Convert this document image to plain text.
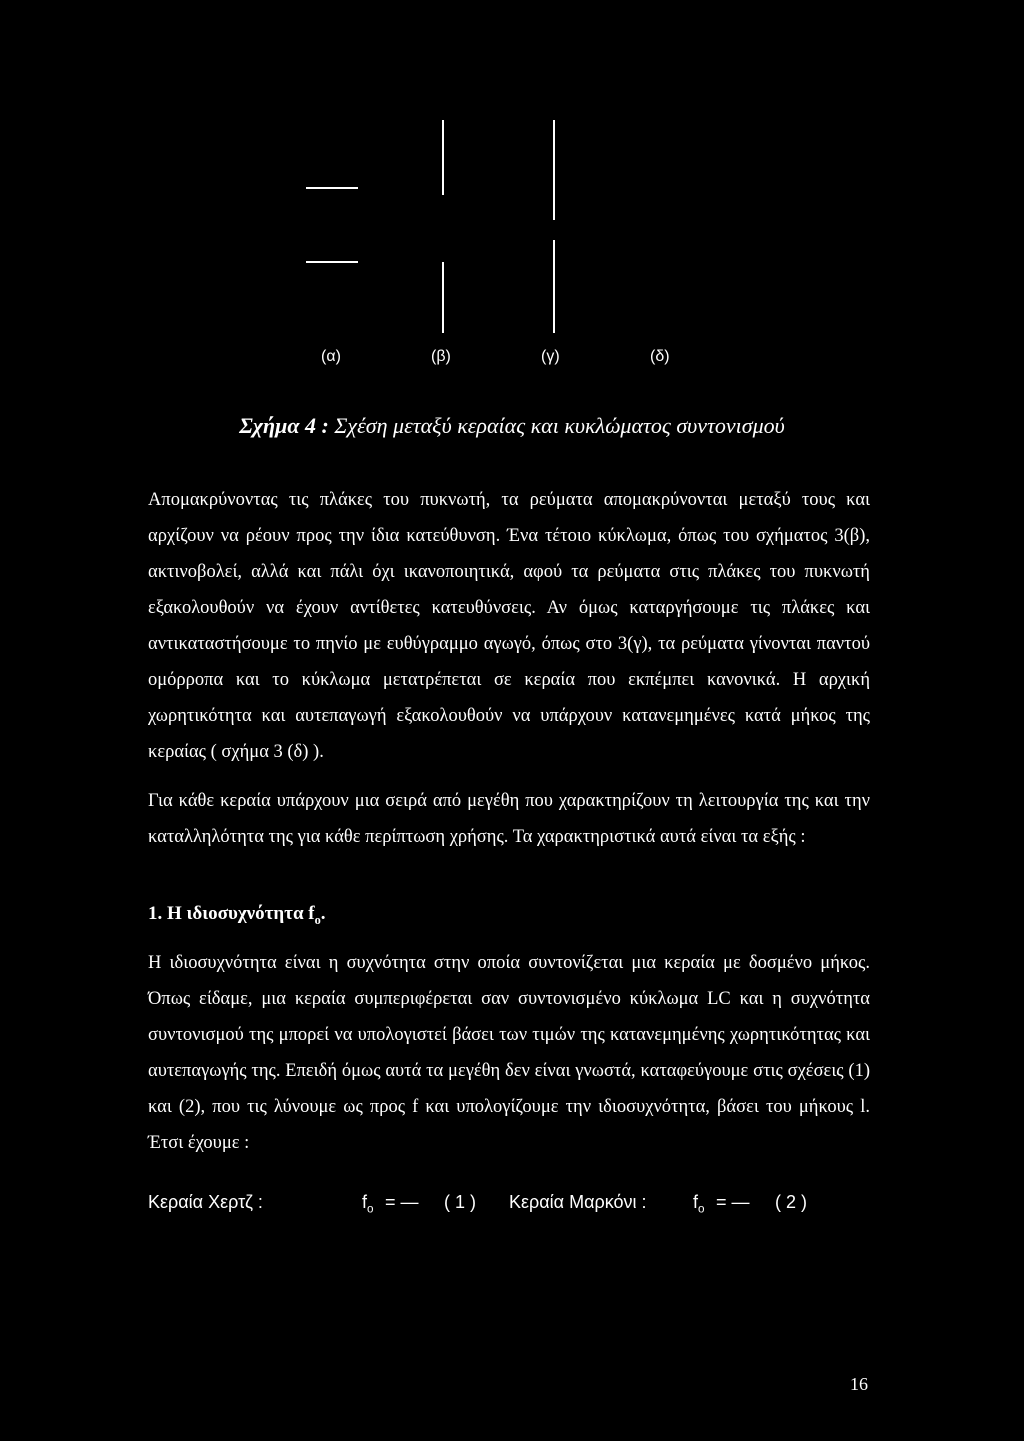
(α)	(β)	(γ)	(δ)
Σχήμα 4 : Σχέση μεταξύ κεραίας και κυκλώματος συντονισμού
Απομακρύνοντας τις πλάκες του πυκνωτή, τα ρεύματα απομακρύνονται μεταξύ τους και αρχίζουν να ρέουν προς την ίδια κατεύθυνση. Ένα τέτοιο κύκλωμα, όπως του σχήματος 3(β), ακτινοβολεί, αλλά και πάλι όχι ικανοποιητικά, αφού τα ρεύματα στις πλάκες του πυκνωτή εξακολουθούν να έχουν αντίθετες κατευθύνσεις. Αν όμως καταργήσουμε τις πλάκες και αντικαταστήσουμε το πηνίο με ευθύγραμμο αγωγό, όπως στο 3(γ), τα ρεύματα γίνονται παντού ομόρροπα και το κύκλωμα μετατρέπεται σε κεραία που εκπέμπει κανονικά. Η αρχική χωρητικότητα και αυτεπαγωγή εξακολουθούν να υπάρχουν κατανεμημένες κατά μήκος της κεραίας ( σχήμα 3 (δ) ).
Για κάθε κεραία υπάρχουν μια σειρά από μεγέθη που χαρακτηρίζουν τη λειτουργία της και την καταλληλότητα της για κάθε περίπτωση χρήσης. Τα χαρακτηριστικά αυτά είναι τα εξής :
1. Η ιδιοσυχνότητα $f_o$.
Η ιδιοσυχνότητα είναι η συχνότητα στην οποία συντονίζεται μια κεραία με δοσμένο μήκος. Όπως είδαμε, μια κεραία συμπεριφέρεται σαν συντονισμένο κύκλωμα LC και η συχνότητα συντονισμού της μπορεί να υπολογιστεί βάσει των τιμών της κατανεμημένης χωρητικότητας και αυτεπαγωγής της. Επειδή όμως αυτά τα μεγέθη δεν είναι γνωστά, καταφεύγουμε στις σχέσεις (1) και (2), που τις λύνουμε ως προς f και υπολογίζουμε την ιδιοσυχνότητα, βάσει του μήκους l. Έτσι έχουμε :
Κεραία Χερτζ :	$f_o$ = — ( 1 ) Κεραία Μαρκόνι :	$f_o$ = — ( 2 )
16
